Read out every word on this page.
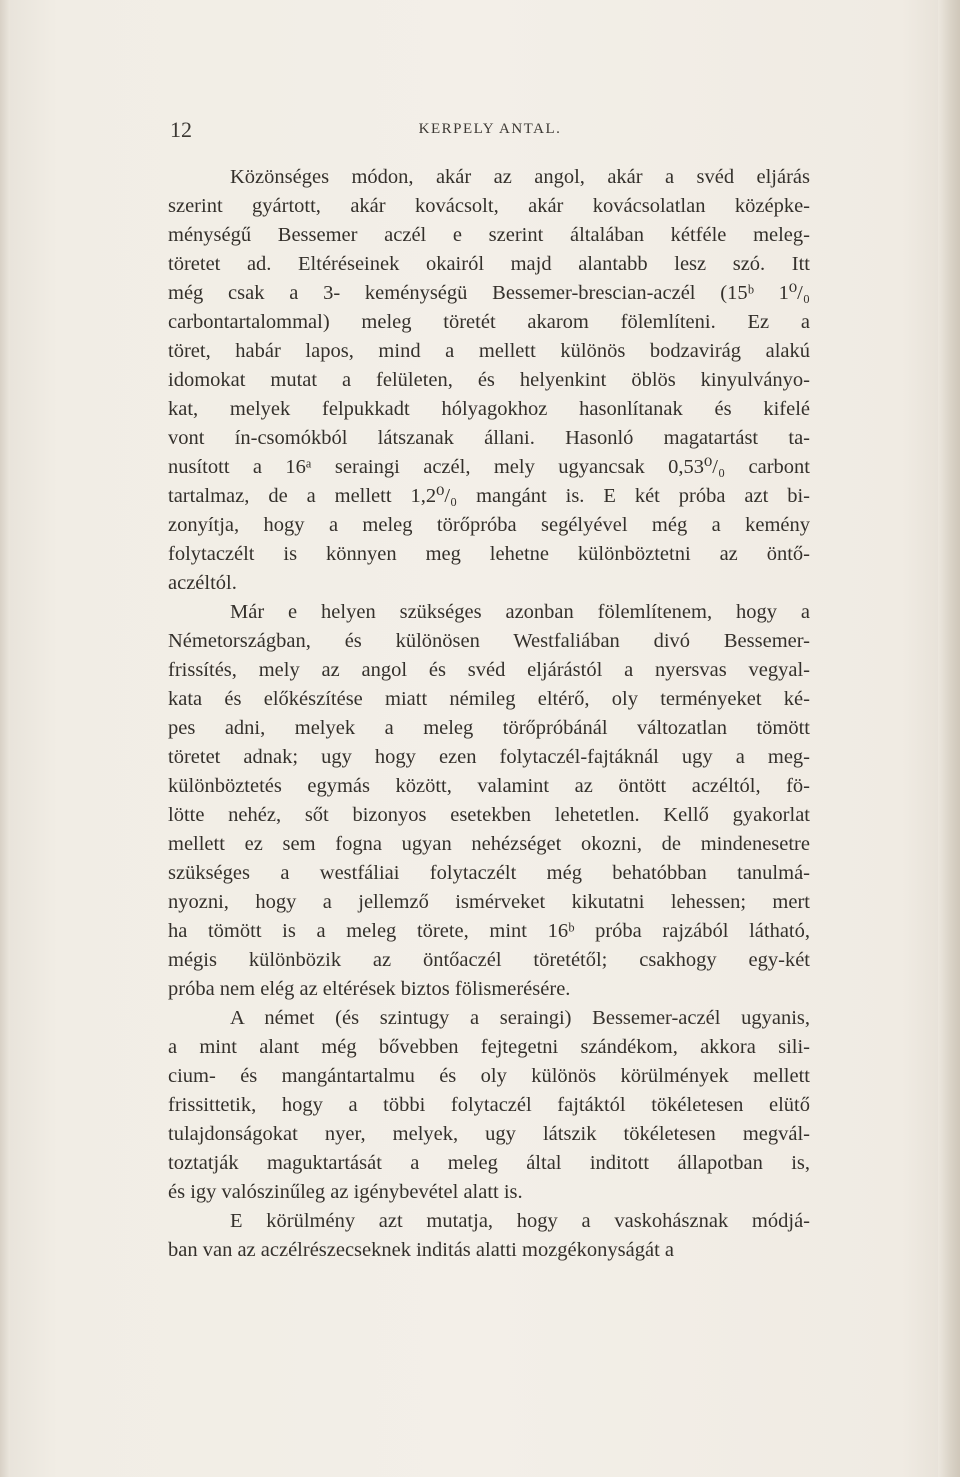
12	KERPELY ANTAL.
Közönséges módon, akár az angol, akár a svéd eljárás
szerint gyártott, akár kovácsolt, akár kovácsolatlan középke-
ménységű Bessemer aczél e szerint általában kétféle meleg-
töretet ad. Eltéréseinek okairól majd alantabb lesz szó. Itt
még csak a 3- keménységü Bessemer-brescian-aczél (15ᵇ 1⁰/₀
carbontartalommal) meleg töretét akarom fölemlíteni. Ez a
töret, habár lapos, mind a mellett különös bodzavirág alakú
idomokat mutat a felületen, és helyenkint öblös kinyulványo-
kat, melyek felpukkadt hólyagokhoz hasonlítanak és kifelé
vont ín-csomókból látszanak állani. Hasonló magatartást ta-
nusított a 16ᵃ seraingi aczél, mely ugyancsak 0,53⁰/₀ carbont
tartalmaz, de a mellett 1,2⁰/₀ mangánt is. E két próba azt bi-
zonyítja, hogy a meleg törőpróba segélyével még a kemény
folytaczélt is könnyen meg lehetne különböztetni az öntő-
aczéltól.
Már e helyen szükséges azonban fölemlítenem, hogy a
Németországban, és különösen Westfaliában divó Bessemer-
frissítés, mely az angol és svéd eljárástól a nyersvas vegyal-
kata és előkészítése miatt némileg eltérő, oly terményeket ké-
pes adni, melyek a meleg törőpróbánál változatlan tömött
töretet adnak; ugy hogy ezen folytaczél-fajtáknál ugy a meg-
különböztetés egymás között, valamint az öntött aczéltól, fö-
lötte nehéz, sőt bizonyos esetekben lehetetlen. Kellő gyakorlat
mellett ez sem fogna ugyan nehézséget okozni, de mindenesetre
szükséges a westfáliai folytaczélt még behatóbban tanulmá-
nyozni, hogy a jellemző ismérveket kikutatni lehessen; mert
ha tömött is a meleg törete, mint 16ᵇ próba rajzából látható,
mégis különbözik az öntőaczél töretétől; csakhogy egy-két
próba nem elég az eltérések biztos fölismerésére.
A német (és szintugy a seraingi) Bessemer-aczél ugyanis,
a mint alant még bővebben fejtegetni szándékom, akkora sili-
cium- és mangántartalmu és oly különös körülmények mellett
frissittetik, hogy a többi folytaczél fajtáktól tökéletesen elütő
tulajdonságokat nyer, melyek, ugy látszik tökéletesen megvál-
toztatják maguktartását a meleg által inditott állapotban is,
és igy valószinűleg az igénybevétel alatt is.
E körülmény azt mutatja, hogy a vaskohásznak módjá-
ban van az aczélrészecseknek inditás alatti mozgékonyságát a
